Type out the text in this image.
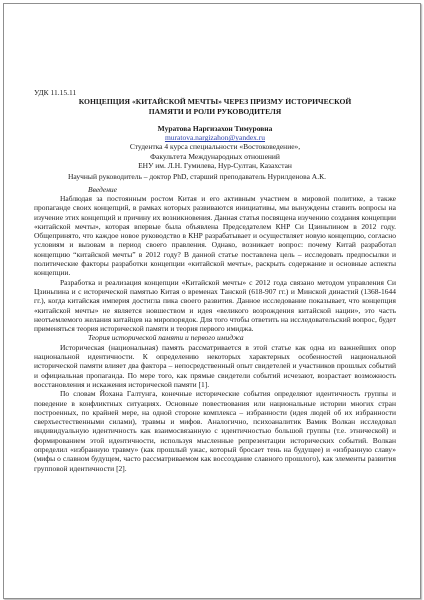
УДК 11.15.11
КОНЦЕПЦИЯ «КИТАЙСКОЙ МЕЧТЫ» ЧЕРЕЗ ПРИЗМУ ИСТОРИЧЕСКОЙ
ПАМЯТИ И РОЛИ РУКОВОДИТЕЛЯ
Муратова Наргизахон Тимуровна
muratova.nargizahon@yandex.ru
Студентка 4 курса специальности «Востоковедение»,
Факультета Международных отношений
ЕНУ им. Л.Н. Гумилева, Нур-Султан, Казахстан
Научный руководитель – доктор PhD, старший преподаватель Нурилденова А.К.
Введение
Наблюдая за постоянным ростом Китая и его активным участием в мировой политике, а также пропаганде своих концепций, в рамках которых развиваются инициативы, мы вынуждены ставить вопросы на изучение этих концепций и причину их возникновения. Данная статья посвящена изучению создания концепции «китайской мечты», которая впервые была объявлена Председателем КНР Си Цзиньпином в 2012 году. Общепринято, что каждое новое руководство в КНР разрабатывает и осуществляет новую концепцию, согласно условиям и вызовам в период своего правления. Однако, возникает вопрос: почему Китай разработал концепцию “китайской мечты” в 2012 году? В данной статье поставлена цель – исследовать предпосылки и политические факторы разработки концепции «китайской мечты», раскрыть содержание и основные аспекты концепции.
Разработка и реализация концепции «Китайской мечты» с 2012 года связано методом управления Си Цзиньпина и с исторической памятью Китая о временах Танской (618-907 гг.) и Минской династий (1368-1644 гг.), когда китайская империя достигла пика своего развития. Данное исследование показывает, что концепция «китайской мечты» не является новшеством и идея «великого возрождения китайской нации», это часть неотъемлемого желания китайцев на миропорядок. Для того чтобы ответить на исследовательский вопрос, будет применяться теория исторической памяти и теория первого имиджа.
Теория исторической памяти и первого имиджа
Историческая (национальная) память рассматривается в этой статье как одна из важнейших опор национальной идентичности. К определению некоторых характерных особенностей национальной исторической памяти влияет два фактора – непосредственный опыт свидетелей и участников прошлых событий и официальная пропаганда. По мере того, как прямые свидетели событий исчезают, возрастает возможность восстановления и искажения исторической памяти [1].
По словам Йохана Галтунга, конечные исторические события определяют идентичность группы и поведение в конфликтных ситуациях. Основные повествования или национальные истории многих стран построенных, по крайней мере, на одной стороне комплекса – избранности (идея людей об их избранности сверхъестественными силами), травмы и мифов. Аналогично, психоаналитик Вамик Волкан исследовал индивидуальную идентичность как взаимосвязанную с идентичностью большой группы (т.е. этнической) и формированием этой идентичности, используя мысленные репрезентации исторических событий. Волкан определил «избранную травму» (как прошлый ужас, который бросает тень на будущее) и «избранную славу» (мифы о славном будущем, часто рассматриваемом как воссоздание славного прошлого), как элементы развития групповой идентичности [2].
